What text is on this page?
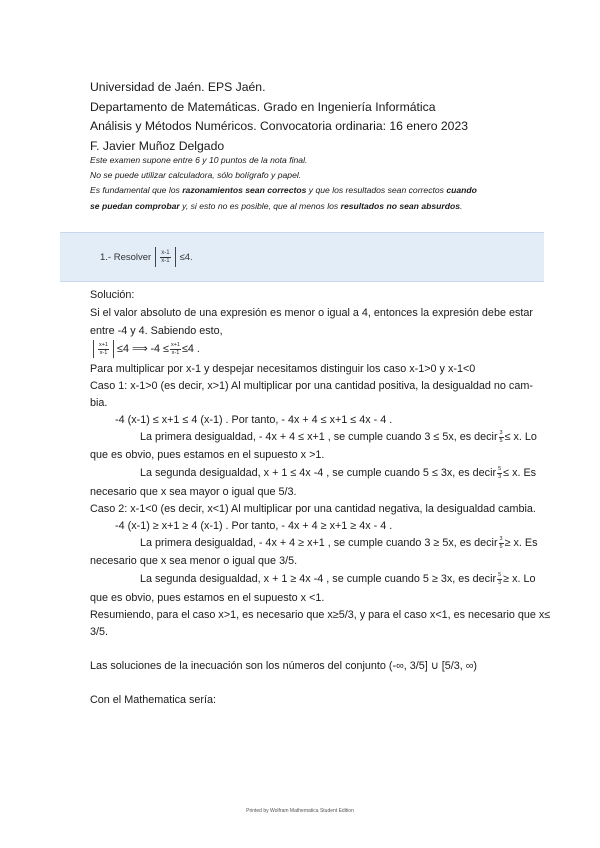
Universidad de Jaén. EPS Jaén.
Departamento de Matemáticas. Grado en Ingeniería Informática
Análisis y Métodos Numéricos. Convocatoria ordinaria: 16 enero 2023
F. Javier Muñoz Delgado
Este examen supone entre 6 y 10 puntos de la nota final.
No se puede utilizar calculadora, sólo bolígrafo y papel.
Es fundamental que los razonamientos sean correctos y que los resultados sean correctos cuando
se puedan comprobar y, si esto no es posible, que al menos los resultados no sean absurdos.
1.- Resolver $\frac{x-1}{x-1} \le 4$.
Solución:
Si el valor absoluto de una expresión es menor o igual a 4, entonces la expresión debe estar
entre -4 y 4. Sabiendo esto,
$\frac{x+1}{x-1} \le 4$ ⟹ $-4 \le \frac{x+1}{x-1} \le 4$ .
Para multiplicar por x-1 y despejar necesitamos distinguir los caso x-1>0 y x-1<0
Caso 1: x-1>0 (es decir, x>1) Al multiplicar por una cantidad positiva, la desigualdad no cam-
bia.
-4 (x-1) ≤ x+1 ≤ 4 (x-1) . Por tanto, - 4x + 4 ≤ x+1 ≤ 4x - 4 .
La primera desigualdad, - 4x + 4 ≤ x+1 , se cumple cuando 3 ≤ 5x, es decir $\frac{3}{5} \le x$. Lo
que es obvio, pues estamos en el supuesto x >1.
La segunda desigualdad, x + 1 ≤ 4x -4 , se cumple cuando 5 ≤ 3x, es decir $\frac{5}{3} \le x$. Es
necesario que x sea mayor o igual que 5/3.
Caso 2: x-1<0 (es decir, x<1) Al multiplicar por una cantidad negativa, la desigualdad cambia.
-4 (x-1) ≥ x+1 ≥ 4 (x-1) . Por tanto, - 4x + 4 ≥ x+1 ≥ 4x - 4 .
La primera desigualdad, - 4x + 4 ≥ x+1 , se cumple cuando 3 ≥ 5x, es decir $\frac{3}{5} \ge x$. Es
necesario que x sea menor o igual que 3/5.
La segunda desigualdad, x + 1 ≥ 4x -4 , se cumple cuando 5 ≥ 3x, es decir $\frac{5}{3} \ge x$. Lo
que es obvio, pues estamos en el supuesto x <1.
Resumiendo, para el caso x>1, es necesario que x≥5/3, y para el caso x<1, es necesario que x≤
3/5.
Las soluciones de la inecuación son los números del conjunto (-∞, 3/5] ∪ [5/3, ∞)
Con el Mathematica sería:
Printed by Wolfram Mathematica Student Edition
